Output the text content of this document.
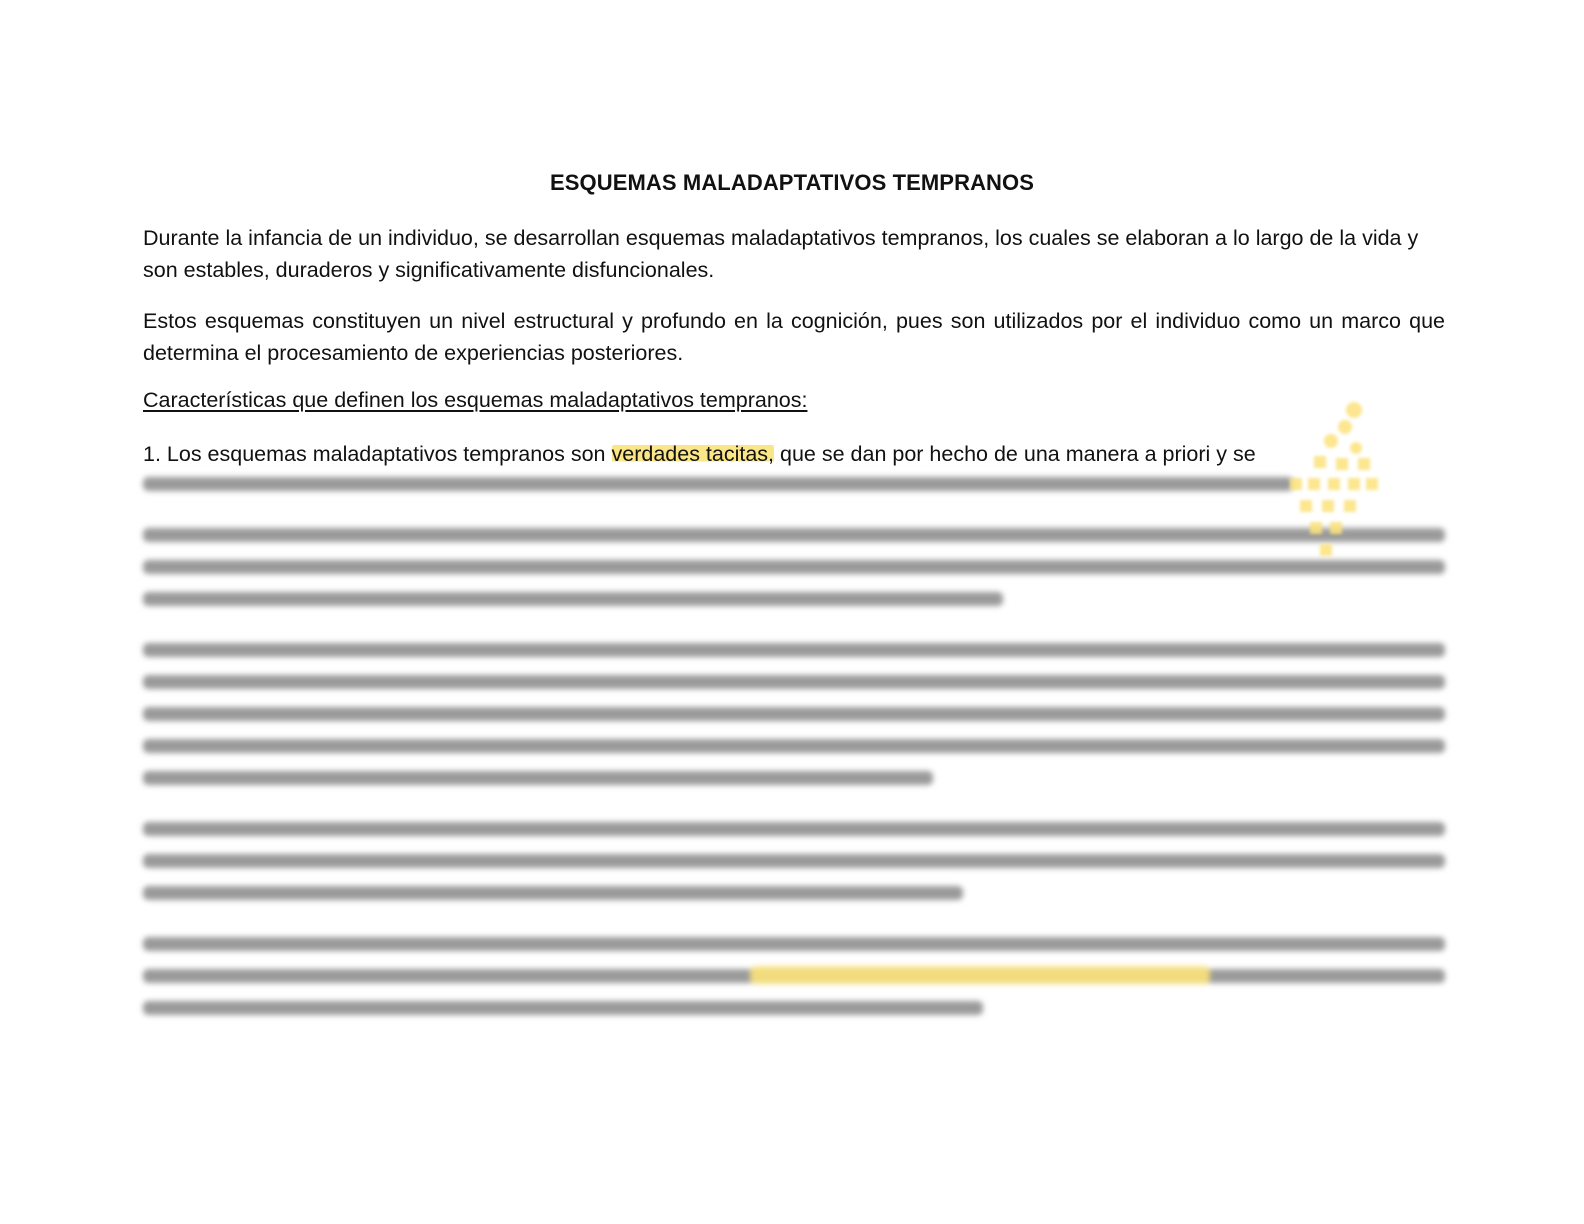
ESQUEMAS MALADAPTATIVOS TEMPRANOS

Durante la infancia de un individuo, se desarrollan esquemas maladaptativos tempranos, los cuales se elaboran a lo largo de la vida y son estables, duraderos y significativamente disfuncionales.

Estos esquemas constituyen un nivel estructural y profundo en la cognición, pues son utilizados por el individuo como un marco que determina el procesamiento de experiencias posteriores.

Características que definen los esquemas maladaptativos tempranos:

1. Los esquemas maladaptativos tempranos son verdades tacitas, que se dan por hecho de una manera a priori y se
